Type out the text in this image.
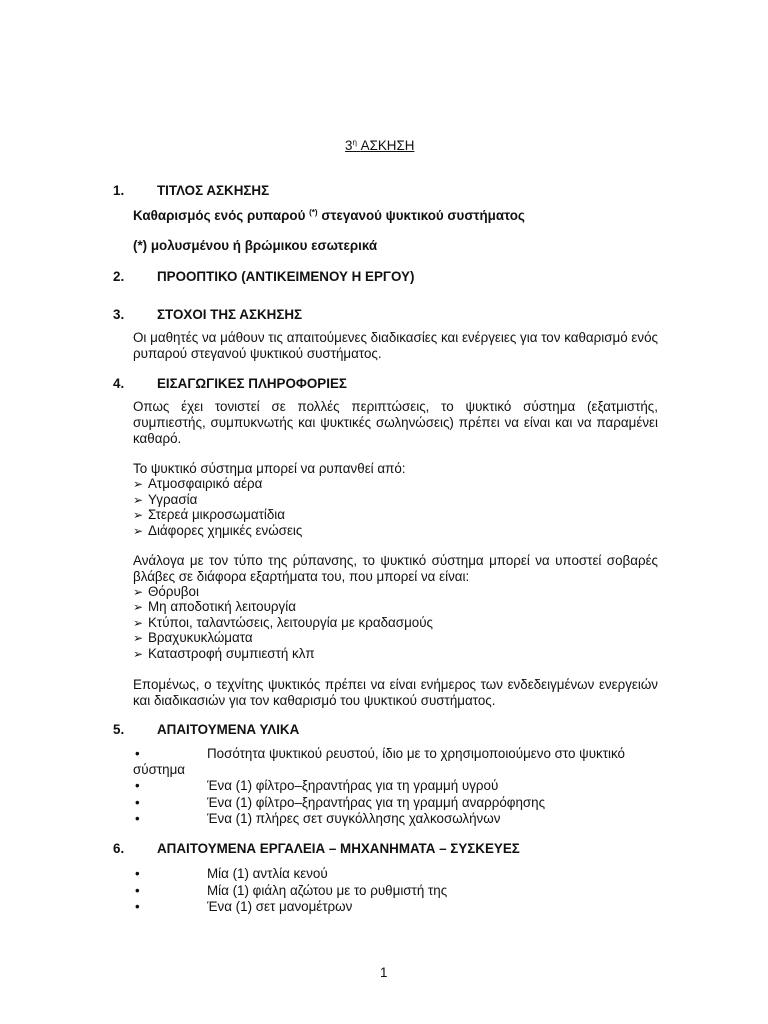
$3^\eta$ ΑΣΚΗΣΗ
1. ΤΙΤΛΟΣ ΑΣΚΗΣΗΣ
Καθαρισμός ενός ρυπαρού (*) στεγανού ψυκτικού συστήματος
(*) μολυσμένου ή βρώμικου εσωτερικά
2. ΠΡΟΟΠΤΙΚΟ (ΑΝΤΙΚΕΙΜΕΝΟΥ Η ΕΡΓΟΥ)
3. ΣΤΟΧΟΙ ΤΗΣ ΑΣΚΗΣΗΣ
Οι μαθητές να μάθουν τις απαιτούμενες διαδικασίες και ενέργειες για τον καθαρισμό ενός ρυπαρού στεγανού ψυκτικού συστήματος.
4. ΕΙΣΑΓΩΓΙΚΕΣ ΠΛΗΡΟΦΟΡΙΕΣ
Οπως έχει τονιστεί σε πολλές περιπτώσεις, το ψυκτικό σύστημα (εξατμιστής, συμπιεστής, συμπυκνωτής και ψυκτικές σωληνώσεις) πρέπει να είναι και να παραμένει καθαρό.
Το ψυκτικό σύστημα μπορεί να ρυπανθεί από:
➢ Ατμοσφαιρικό αέρα
➢ Υγρασία
➢ Στερεά μικροσωματίδια
➢ Διάφορες χημικές ενώσεις
Ανάλογα με τον τύπο της ρύπανσης, το ψυκτικό σύστημα μπορεί να υποστεί σοβαρές βλάβες σε διάφορα εξαρτήματα του, που μπορεί να είναι:
➢ Θόρυβοι
➢ Μη αποδοτική λειτουργία
➢ Κτύποι, ταλαντώσεις, λειτουργία με κραδασμούς
➢ Βραχυκυκλώματα
➢ Καταστροφή συμπιεστή κλπ
Επομένως, ο τεχνίτης ψυκτικός πρέπει να είναι ενήμερος των ενδεδειγμένων ενεργειών και διαδικασιών για τον καθαρισμό του ψυκτικού συστήματος.
5. ΑΠΑΙΤΟΥΜΕΝΑ ΥΛΙΚΑ
•	Ποσότητα ψυκτικού ρευστού, ίδιο με το χρησιμοποιούμενο στο ψυκτικό
σύστημα
•	Ένα (1) φίλτρο–ξηραντήρας για τη γραμμή υγρού
•	Ένα (1) φίλτρο–ξηραντήρας για τη γραμμή αναρρόφησης
•	Ένα (1) πλήρες σετ συγκόλλησης χαλκοσωλήνων
6. ΑΠΑΙΤΟΥΜΕΝΑ ΕΡΓΑΛΕΙΑ – ΜΗΧΑΝΗΜΑΤΑ – ΣΥΣΚΕΥΕΣ
•	Μία (1) αντλία κενού
•	Μία (1) φιάλη αζώτου με το ρυθμιστή της
•	Ένα (1) σετ μανομέτρων
1
